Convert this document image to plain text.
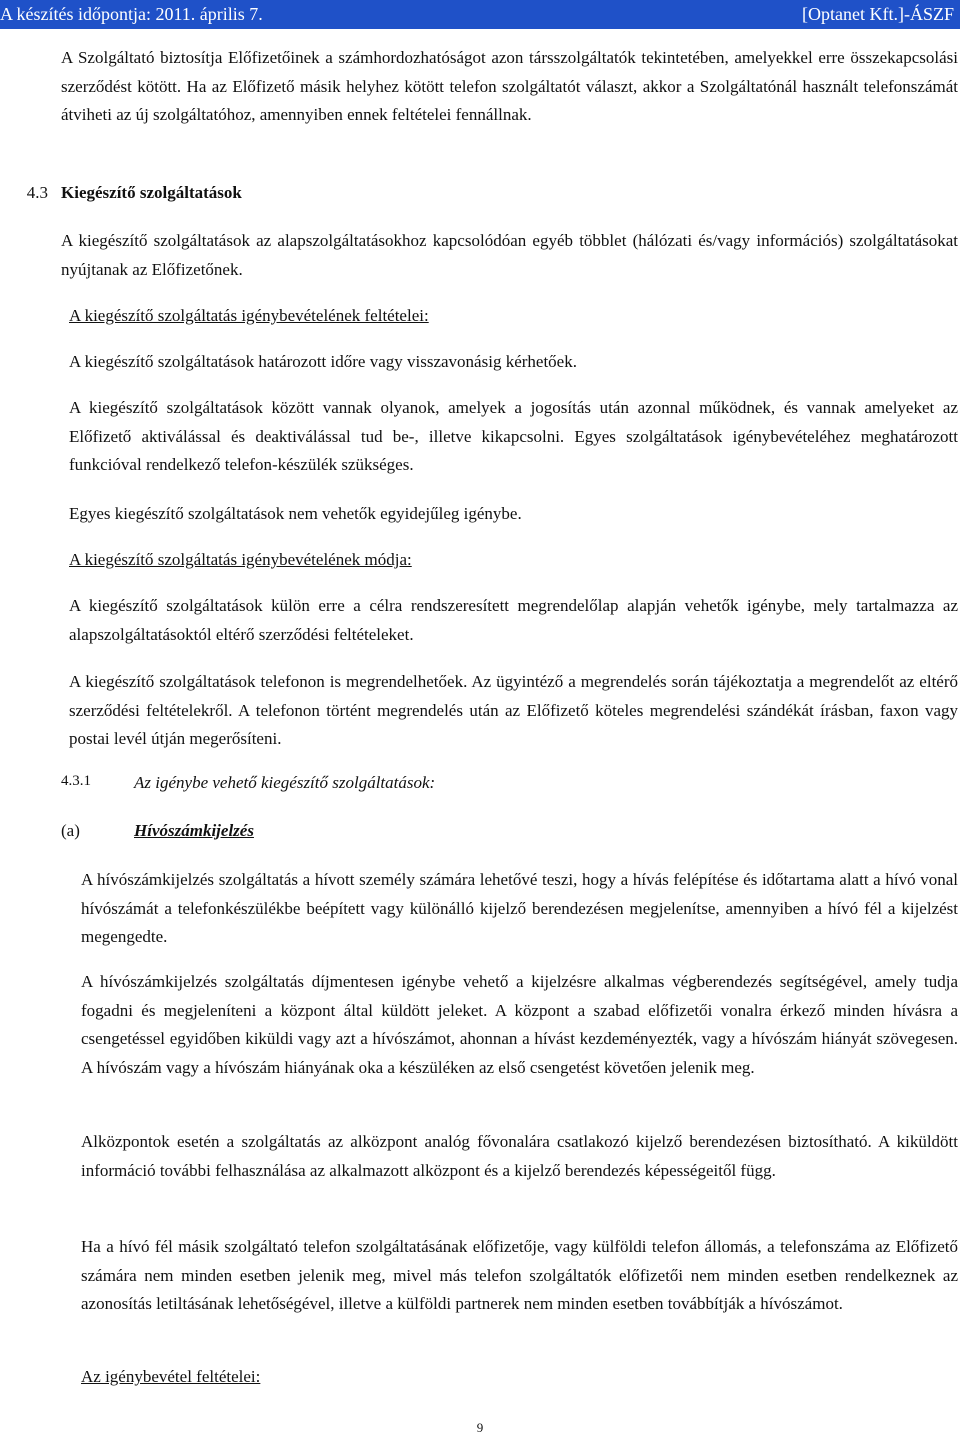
A készítés időpontja: 2011. április 7.	[Optanet Kft.]-ÁSZF
A Szolgáltató biztosítja Előfizetőinek a számhordozhatóságot azon társszolgáltatók tekintetében, amelyekkel erre összekapcsolási szerződést kötött. Ha az Előfizető másik helyhez kötött telefon szolgáltatót választ, akkor a Szolgáltatónál használt telefonszámát átviheti az új szolgáltatóhoz, amennyiben ennek feltételei fennállnak.
4.3 Kiegészítő szolgáltatások
A kiegészítő szolgáltatások az alapszolgáltatásokhoz kapcsolódóan egyéb többlet (hálózati és/vagy információs) szolgáltatásokat nyújtanak az Előfizetőnek.
A kiegészítő szolgáltatás igénybevételének feltételei:
A kiegészítő szolgáltatások határozott időre vagy visszavonásig kérhetőek.
A kiegészítő szolgáltatások között vannak olyanok, amelyek a jogosítás után azonnal működnek, és vannak amelyeket az Előfizető aktiválással és deaktiválással tud be-, illetve kikapcsolni. Egyes szolgáltatások igénybevételéhez meghatározott funkcióval rendelkező telefon-készülék szükséges.
Egyes kiegészítő szolgáltatások nem vehetők egyidejűleg igénybe.
A kiegészítő szolgáltatás igénybevételének módja:
A kiegészítő szolgáltatások külön erre a célra rendszeresített megrendelőlap alapján vehetők igénybe, mely tartalmazza az alapszolgáltatásoktól eltérő szerződési feltételeket.
A kiegészítő szolgáltatások telefonon is megrendelhetőek. Az ügyintéző a megrendelés során tájékoztatja a megrendelőt az eltérő szerződési feltételekről. A telefonon történt megrendelés után az Előfizető köteles megrendelési szándékát írásban, faxon vagy postai levél útján megerősíteni.
4.3.1	Az igénybe vehető kiegészítő szolgáltatások:
(a)	Hívószámkijelzés
A hívószámkijelzés szolgáltatás a hívott személy számára lehetővé teszi, hogy a hívás felépítése és időtartama alatt a hívó vonal hívószámát a telefonkészülékbe beépített vagy különálló kijelző berendezésen megjelenítse, amennyiben a hívó fél a kijelzést megengedte.
A hívószámkijelzés szolgáltatás díjmentesen igénybe vehető a kijelzésre alkalmas végberendezés segítségével, amely tudja fogadni és megjeleníteni a központ által küldött jeleket. A központ a szabad előfizetői vonalra érkező minden hívásra a csengetéssel egyidőben kiküldi vagy azt a hívószámot, ahonnan a hívást kezdeményezték, vagy a hívószám hiányát szövegesen. A hívószám vagy a hívószám hiányának oka a készüléken az első csengetést követően jelenik meg.
Alközpontok esetén a szolgáltatás az alközpont analóg fővonalára csatlakozó kijelző berendezésen biztosítható. A kiküldött információ további felhasználása az alkalmazott alközpont és a kijelző berendezés képességeitől függ.
Ha a hívó fél másik szolgáltató telefon szolgáltatásának előfizetője, vagy külföldi telefon állomás, a telefonszáma az Előfizető számára nem minden esetben jelenik meg, mivel más telefon szolgáltatók előfizetői nem minden esetben rendelkeznek az azonosítás letiltásának lehetőségével, illetve a külföldi partnerek nem minden esetben továbbítják a hívószámot.
Az igénybevétel feltételei:
9
